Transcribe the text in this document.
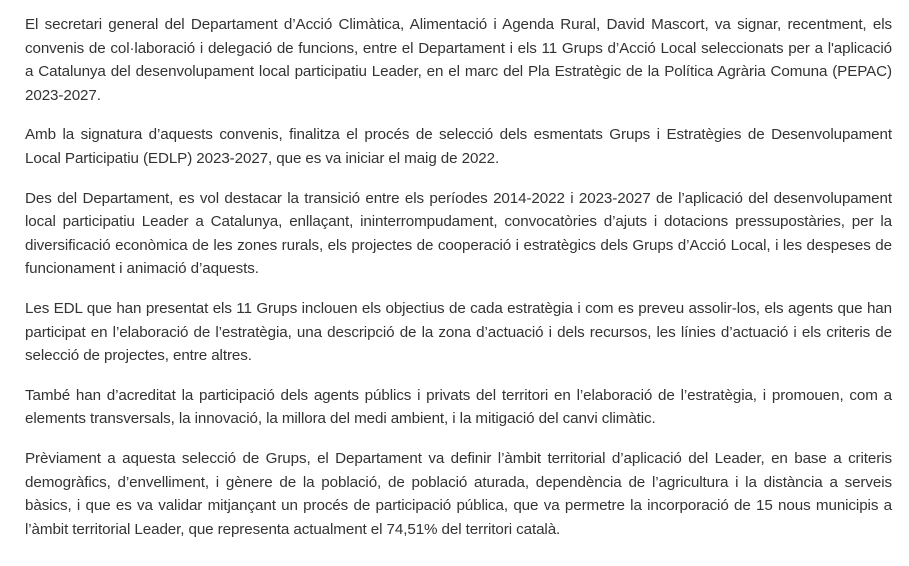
El secretari general del Departament d’Acció Climàtica, Alimentació i Agenda Rural, David Mascort, va signar, recentment, els convenis de col·laboració i delegació de funcions, entre el Departament i els 11 Grups d’Acció Local seleccionats per a l'aplicació a Catalunya del desenvolupament local participatiu Leader, en el marc del Pla Estratègic de la Política Agrària Comuna (PEPAC) 2023-2027.

Amb la signatura d’aquests convenis, finalitza el procés de selecció dels esmentats Grups i Estratègies de Desenvolupament Local Participatiu (EDLP) 2023-2027, que es va iniciar el maig de 2022.

Des del Departament, es vol destacar la transició entre els períodes 2014-2022 i 2023-2027 de l’aplicació del desenvolupament local participatiu Leader a Catalunya, enllaçant, ininterrompudament, convocatòries d’ajuts i dotacions pressupostàries, per la diversificació econòmica de les zones rurals, els projectes de cooperació i estratègics dels Grups d’Acció Local, i les despeses de funcionament i animació d’aquests.

Les EDL que han presentat els 11 Grups inclouen els objectius de cada estratègia i com es preveu assolir-los, els agents que han participat en l’elaboració de l’estratègia, una descripció de la zona d’actuació i dels recursos, les línies d’actuació i els criteris de selecció de projectes, entre altres.

També han d’acreditat la participació dels agents públics i privats del territori en l’elaboració de l’estratègia, i promouen, com a elements transversals, la innovació, la millora del medi ambient, i la mitigació del canvi climàtic.

Prèviament a aquesta selecció de Grups, el Departament va definir l’àmbit territorial d’aplicació del Leader, en base a criteris demogràfics, d’envelliment, i gènere de la població, de població aturada, dependència de l’agricultura i la distància a serveis bàsics, i que es va validar mitjançant un procés de participació pública, que va permetre la incorporació de 15 nous municipis a l’àmbit territorial Leader, que representa actualment el 74,51% del territori català.
